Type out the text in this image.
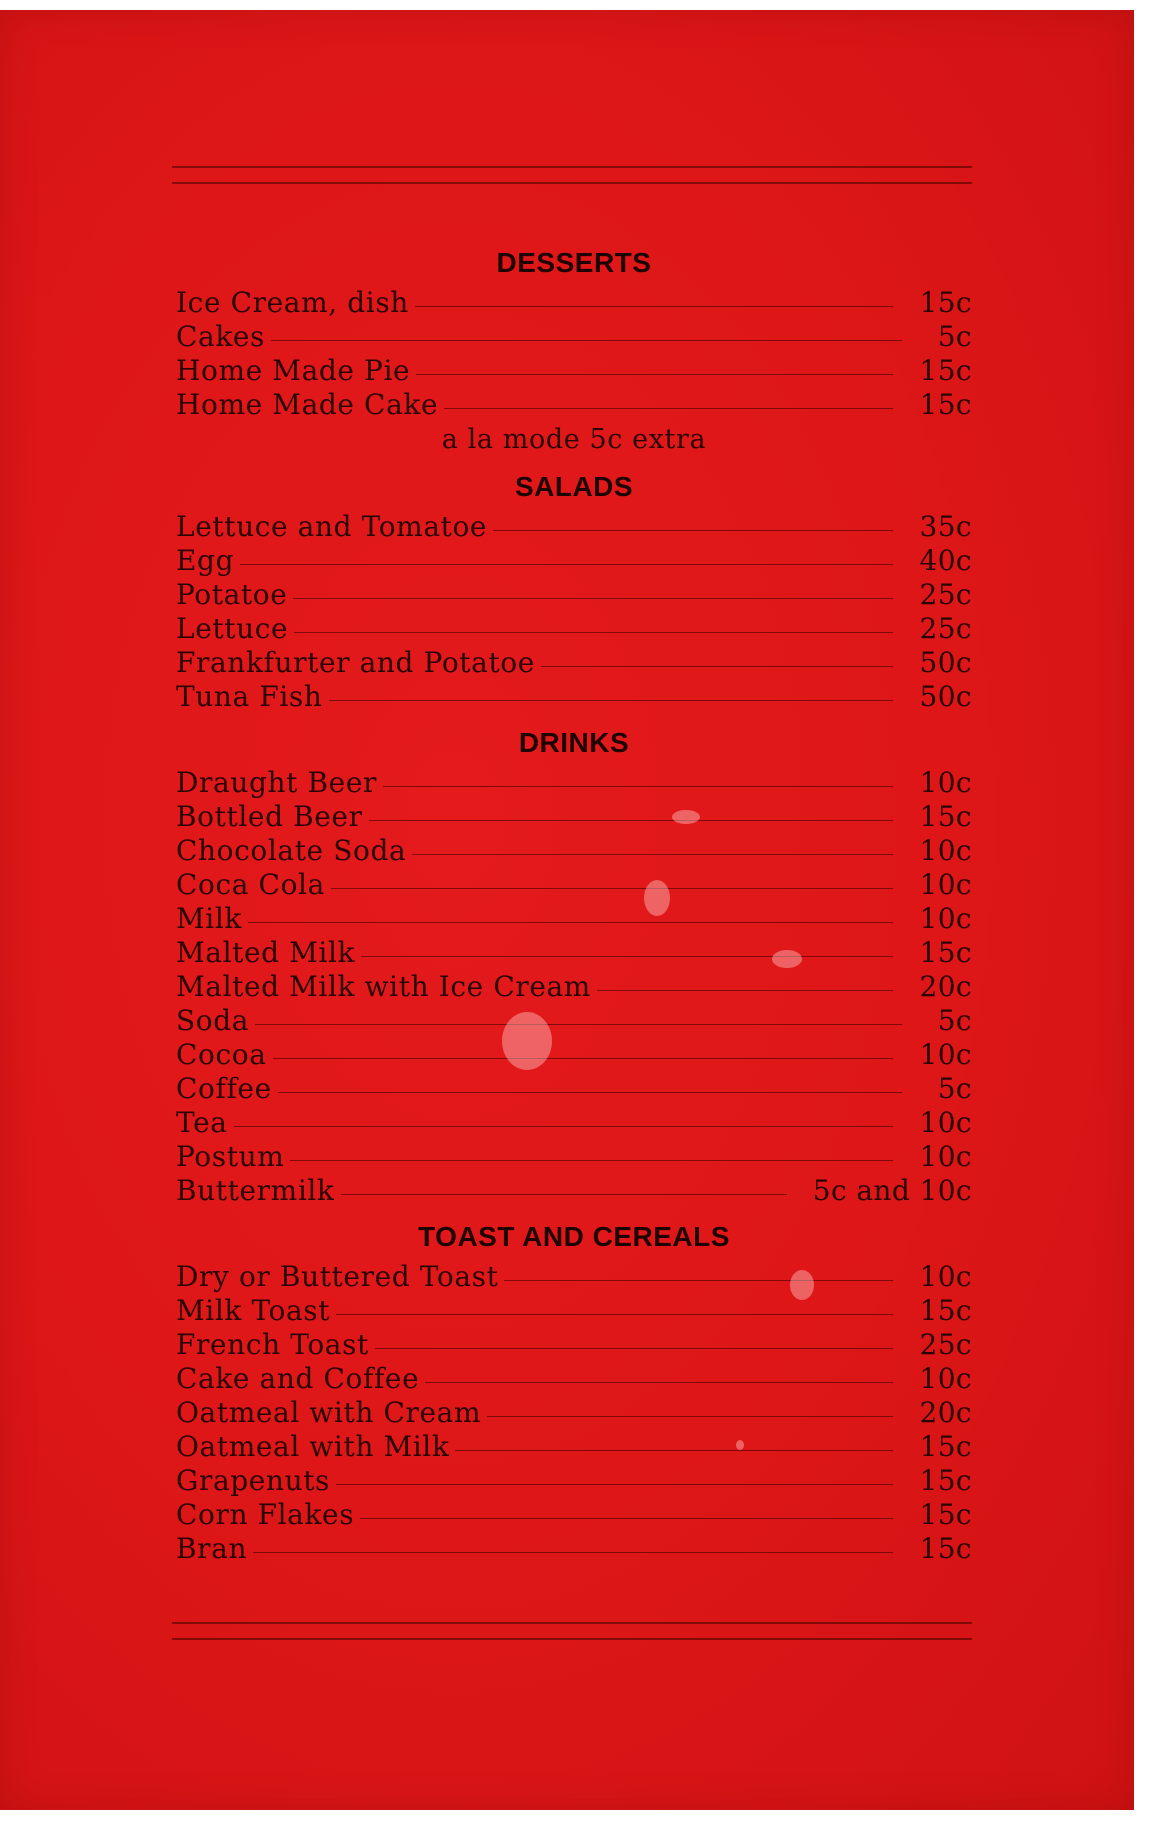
DESSERTS
Ice Cream, dish	15c
Cakes	5c
Home Made Pie	15c
Home Made Cake	15c
a la mode 5c extra
SALADS
Lettuce and Tomatoe	35c
Egg	40c
Potatoe	25c
Lettuce	25c
Frankfurter and Potatoe	50c
Tuna Fish	50c
DRINKS
Draught Beer	10c
Bottled Beer	15c
Chocolate Soda	10c
Coca Cola	10c
Milk	10c
Malted Milk	15c
Malted Milk with Ice Cream	20c
Soda	5c
Cocoa	10c
Coffee	5c
Tea	10c
Postum	10c
Buttermilk	5c and 10c
TOAST AND CEREALS
Dry or Buttered Toast	10c
Milk Toast	15c
French Toast	25c
Cake and Coffee	10c
Oatmeal with Cream	20c
Oatmeal with Milk	15c
Grapenuts	15c
Corn Flakes	15c
Bran	15c
